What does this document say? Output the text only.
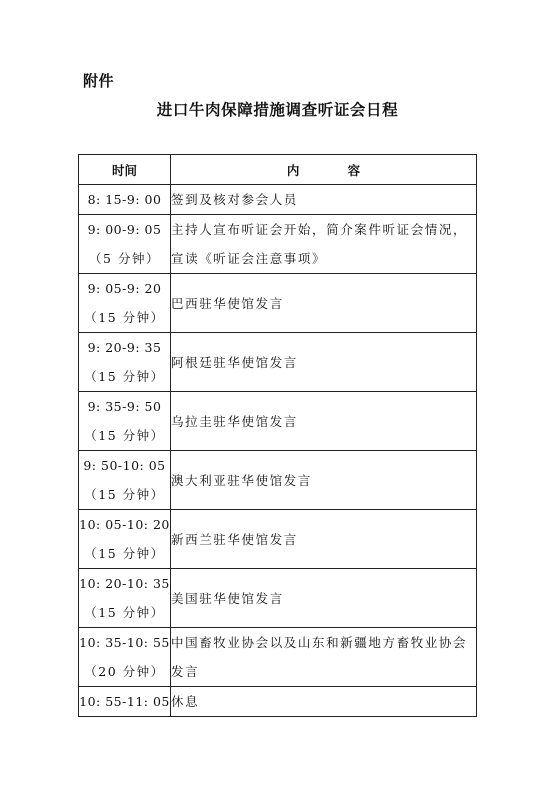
附件
进口牛肉保障措施调查听证会日程
时间	内 容
8: 15-9: 00	签到及核对参会人员
9: 00-9: 05
（5 分钟）	主持人宣布听证会开始，简介案件听证会情况，宣读《听证会注意事项》
9: 05-9: 20
（15 分钟）	巴西驻华使馆发言
9: 20-9: 35
（15 分钟）	阿根廷驻华使馆发言
9: 35-9: 50
（15 分钟）	乌拉圭驻华使馆发言
9: 50-10: 05
（15 分钟）	澳大利亚驻华使馆发言
10: 05-10: 20
（15 分钟）	新西兰驻华使馆发言
10: 20-10: 35
（15 分钟）	美国驻华使馆发言
10: 35-10: 55
（20 分钟）	中国畜牧业协会以及山东和新疆地方畜牧业协会发言
10: 55-11: 05	休息
